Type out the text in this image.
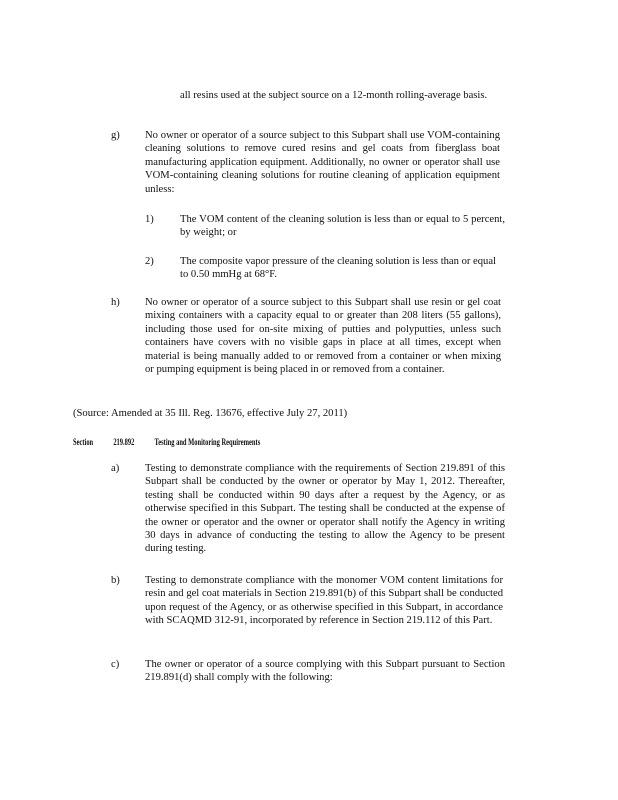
all resins used at the subject source on a 12-month rolling-average basis.

g) No owner or operator of a source subject to this Subpart shall use VOM-containing cleaning solutions to remove cured resins and gel coats from fiberglass boat manufacturing application equipment. Additionally, no owner or operator shall use VOM-containing cleaning solutions for routine cleaning of application equipment unless:

1) The VOM content of the cleaning solution is less than or equal to 5 percent, by weight; or

2) The composite vapor pressure of the cleaning solution is less than or equal to 0.50 mmHg at 68°F.

h) No owner or operator of a source subject to this Subpart shall use resin or gel coat mixing containers with a capacity equal to or greater than 208 liters (55 gallons), including those used for on-site mixing of putties and polyputties, unless such containers have covers with no visible gaps in place at all times, except when material is being manually added to or removed from a container or when mixing or pumping equipment is being placed in or removed from a container.

(Source: Amended at 35 Ill. Reg. 13676, effective July 27, 2011)

Section 219.892 Testing and Monitoring Requirements
a) Testing to demonstrate compliance with the requirements of Section 219.891 of this Subpart shall be conducted by the owner or operator by May 1, 2012. Thereafter, testing shall be conducted within 90 days after a request by the Agency, or as otherwise specified in this Subpart. The testing shall be conducted at the expense of the owner or operator and the owner or operator shall notify the Agency in writing 30 days in advance of conducting the testing to allow the Agency to be present during testing.

b) Testing to demonstrate compliance with the monomer VOM content limitations for resin and gel coat materials in Section 219.891(b) of this Subpart shall be conducted upon request of the Agency, or as otherwise specified in this Subpart, in accordance with SCAQMD 312-91, incorporated by reference in Section 219.112 of this Part.

c) The owner or operator of a source complying with this Subpart pursuant to Section 219.891(d) shall comply with the following:
